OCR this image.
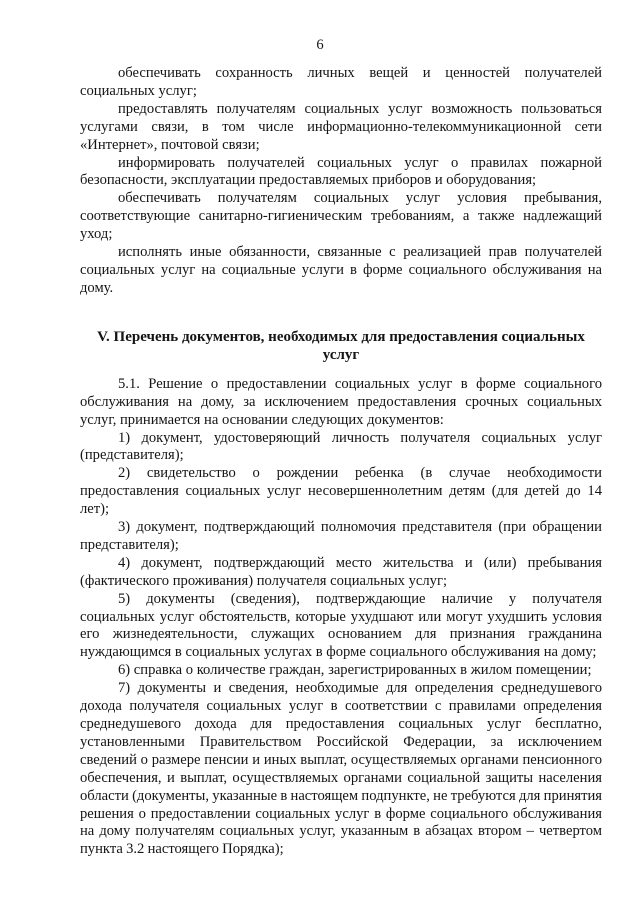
6

обеспечивать сохранность личных вещей и ценностей получателей социальных услуг;

предоставлять получателям социальных услуг возможность пользоваться услугами связи, в том числе информационно-телекоммуникационной сети «Интернет», почтовой связи;

информировать получателей социальных услуг о правилах пожарной безопасности, эксплуатации предоставляемых приборов и оборудования;

обеспечивать получателям социальных услуг условия пребывания, соответствующие санитарно-гигиеническим требованиям, а также надлежащий уход;

исполнять иные обязанности, связанные с реализацией прав получателей социальных услуг на социальные услуги в форме социального обслуживания на дому.

V. Перечень документов, необходимых для предоставления социальных услуг

5.1. Решение о предоставлении социальных услуг в форме социального обслуживания на дому, за исключением предоставления срочных социальных услуг, принимается на основании следующих документов:

1) документ, удостоверяющий личность получателя социальных услуг (представителя);

2) свидетельство о рождении ребенка (в случае необходимости предоставления социальных услуг несовершеннолетним детям (для детей до 14 лет);

3) документ, подтверждающий полномочия представителя (при обращении представителя);

4) документ, подтверждающий место жительства и (или) пребывания (фактического проживания) получателя социальных услуг;

5) документы (сведения), подтверждающие наличие у получателя социальных услуг обстоятельств, которые ухудшают или могут ухудшить условия его жизнедеятельности, служащих основанием для признания гражданина нуждающимся в социальных услугах в форме социального обслуживания на дому;

6) справка о количестве граждан, зарегистрированных в жилом помещении;

7) документы и сведения, необходимые для определения среднедушевого дохода получателя социальных услуг в соответствии с правилами определения среднедушевого дохода для предоставления социальных услуг бесплатно, установленными Правительством Российской Федерации, за исключением сведений о размере пенсии и иных выплат, осуществляемых органами пенсионного обеспечения, и выплат, осуществляемых органами социальной защиты населения области (документы, указанные в настоящем подпункте, не требуются для принятия решения о предоставлении социальных услуг в форме социального обслуживания на дому получателям социальных услуг, указанным в абзацах втором – четвертом пункта 3.2 настоящего Порядка);
